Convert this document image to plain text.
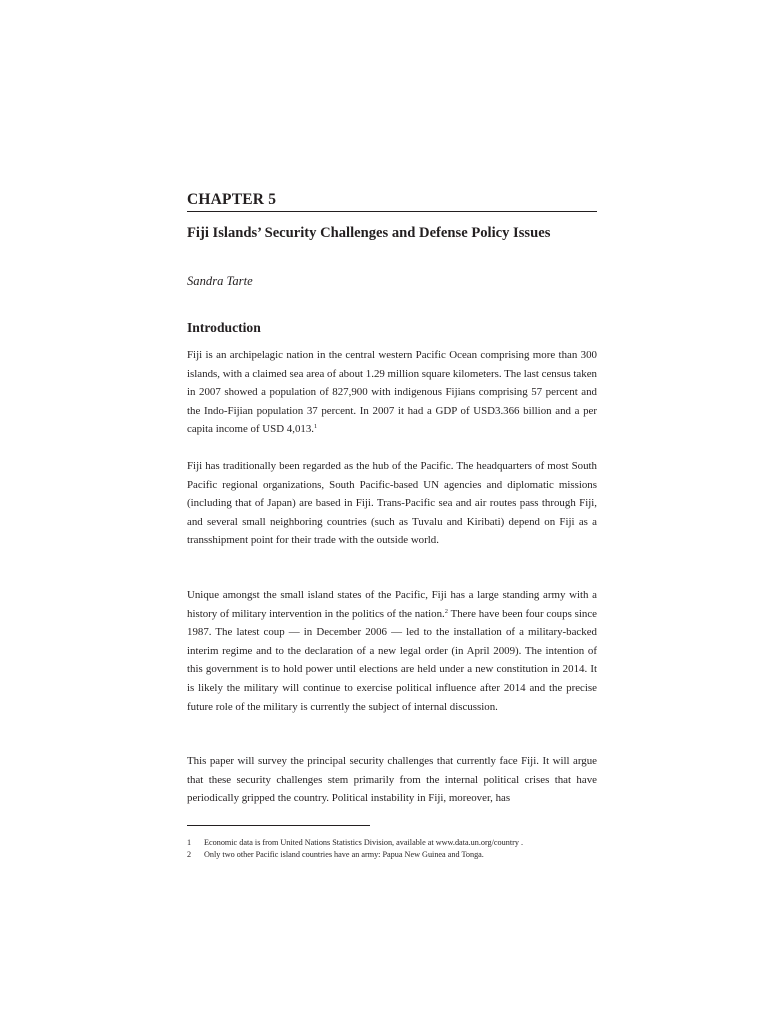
CHAPTER 5
Fiji Islands’ Security Challenges and Defense Policy Issues
Sandra Tarte
Introduction

Fiji is an archipelagic nation in the central western Pacific Ocean comprising more than 300 islands, with a claimed sea area of about 1.29 million square kilometers. The last census taken in 2007 showed a population of 827,900 with indigenous Fijians comprising 57 percent and the Indo-Fijian population 37 percent. In 2007 it had a GDP of USD3.366 billion and a per capita income of USD 4,013.$^1$

Fiji has traditionally been regarded as the hub of the Pacific. The headquarters of most South Pacific regional organizations, South Pacific-based UN agencies and diplomatic missions (including that of Japan) are based in Fiji. Trans-Pacific sea and air routes pass through Fiji, and several small neighboring countries (such as Tuvalu and Kiribati) depend on Fiji as a transshipment point for their trade with the outside world.

Unique amongst the small island states of the Pacific, Fiji has a large standing army with a history of military intervention in the politics of the nation.$^2$ There have been four coups since 1987. The latest coup — in December 2006 — led to the installation of a military-backed interim regime and to the declaration of a new legal order (in April 2009). The intention of this government is to hold power until elections are held under a new constitution in 2014. It is likely the military will continue to exercise political influence after 2014 and the precise future role of the military is currently the subject of internal discussion.

This paper will survey the principal security challenges that currently face Fiji. It will argue that these security challenges stem primarily from the internal political crises that have periodically gripped the country. Political instability in Fiji, moreover, has

1 Economic data is from United Nations Statistics Division, available at www.data.un.org/country .
2 Only two other Pacific island countries have an army: Papua New Guinea and Tonga.
